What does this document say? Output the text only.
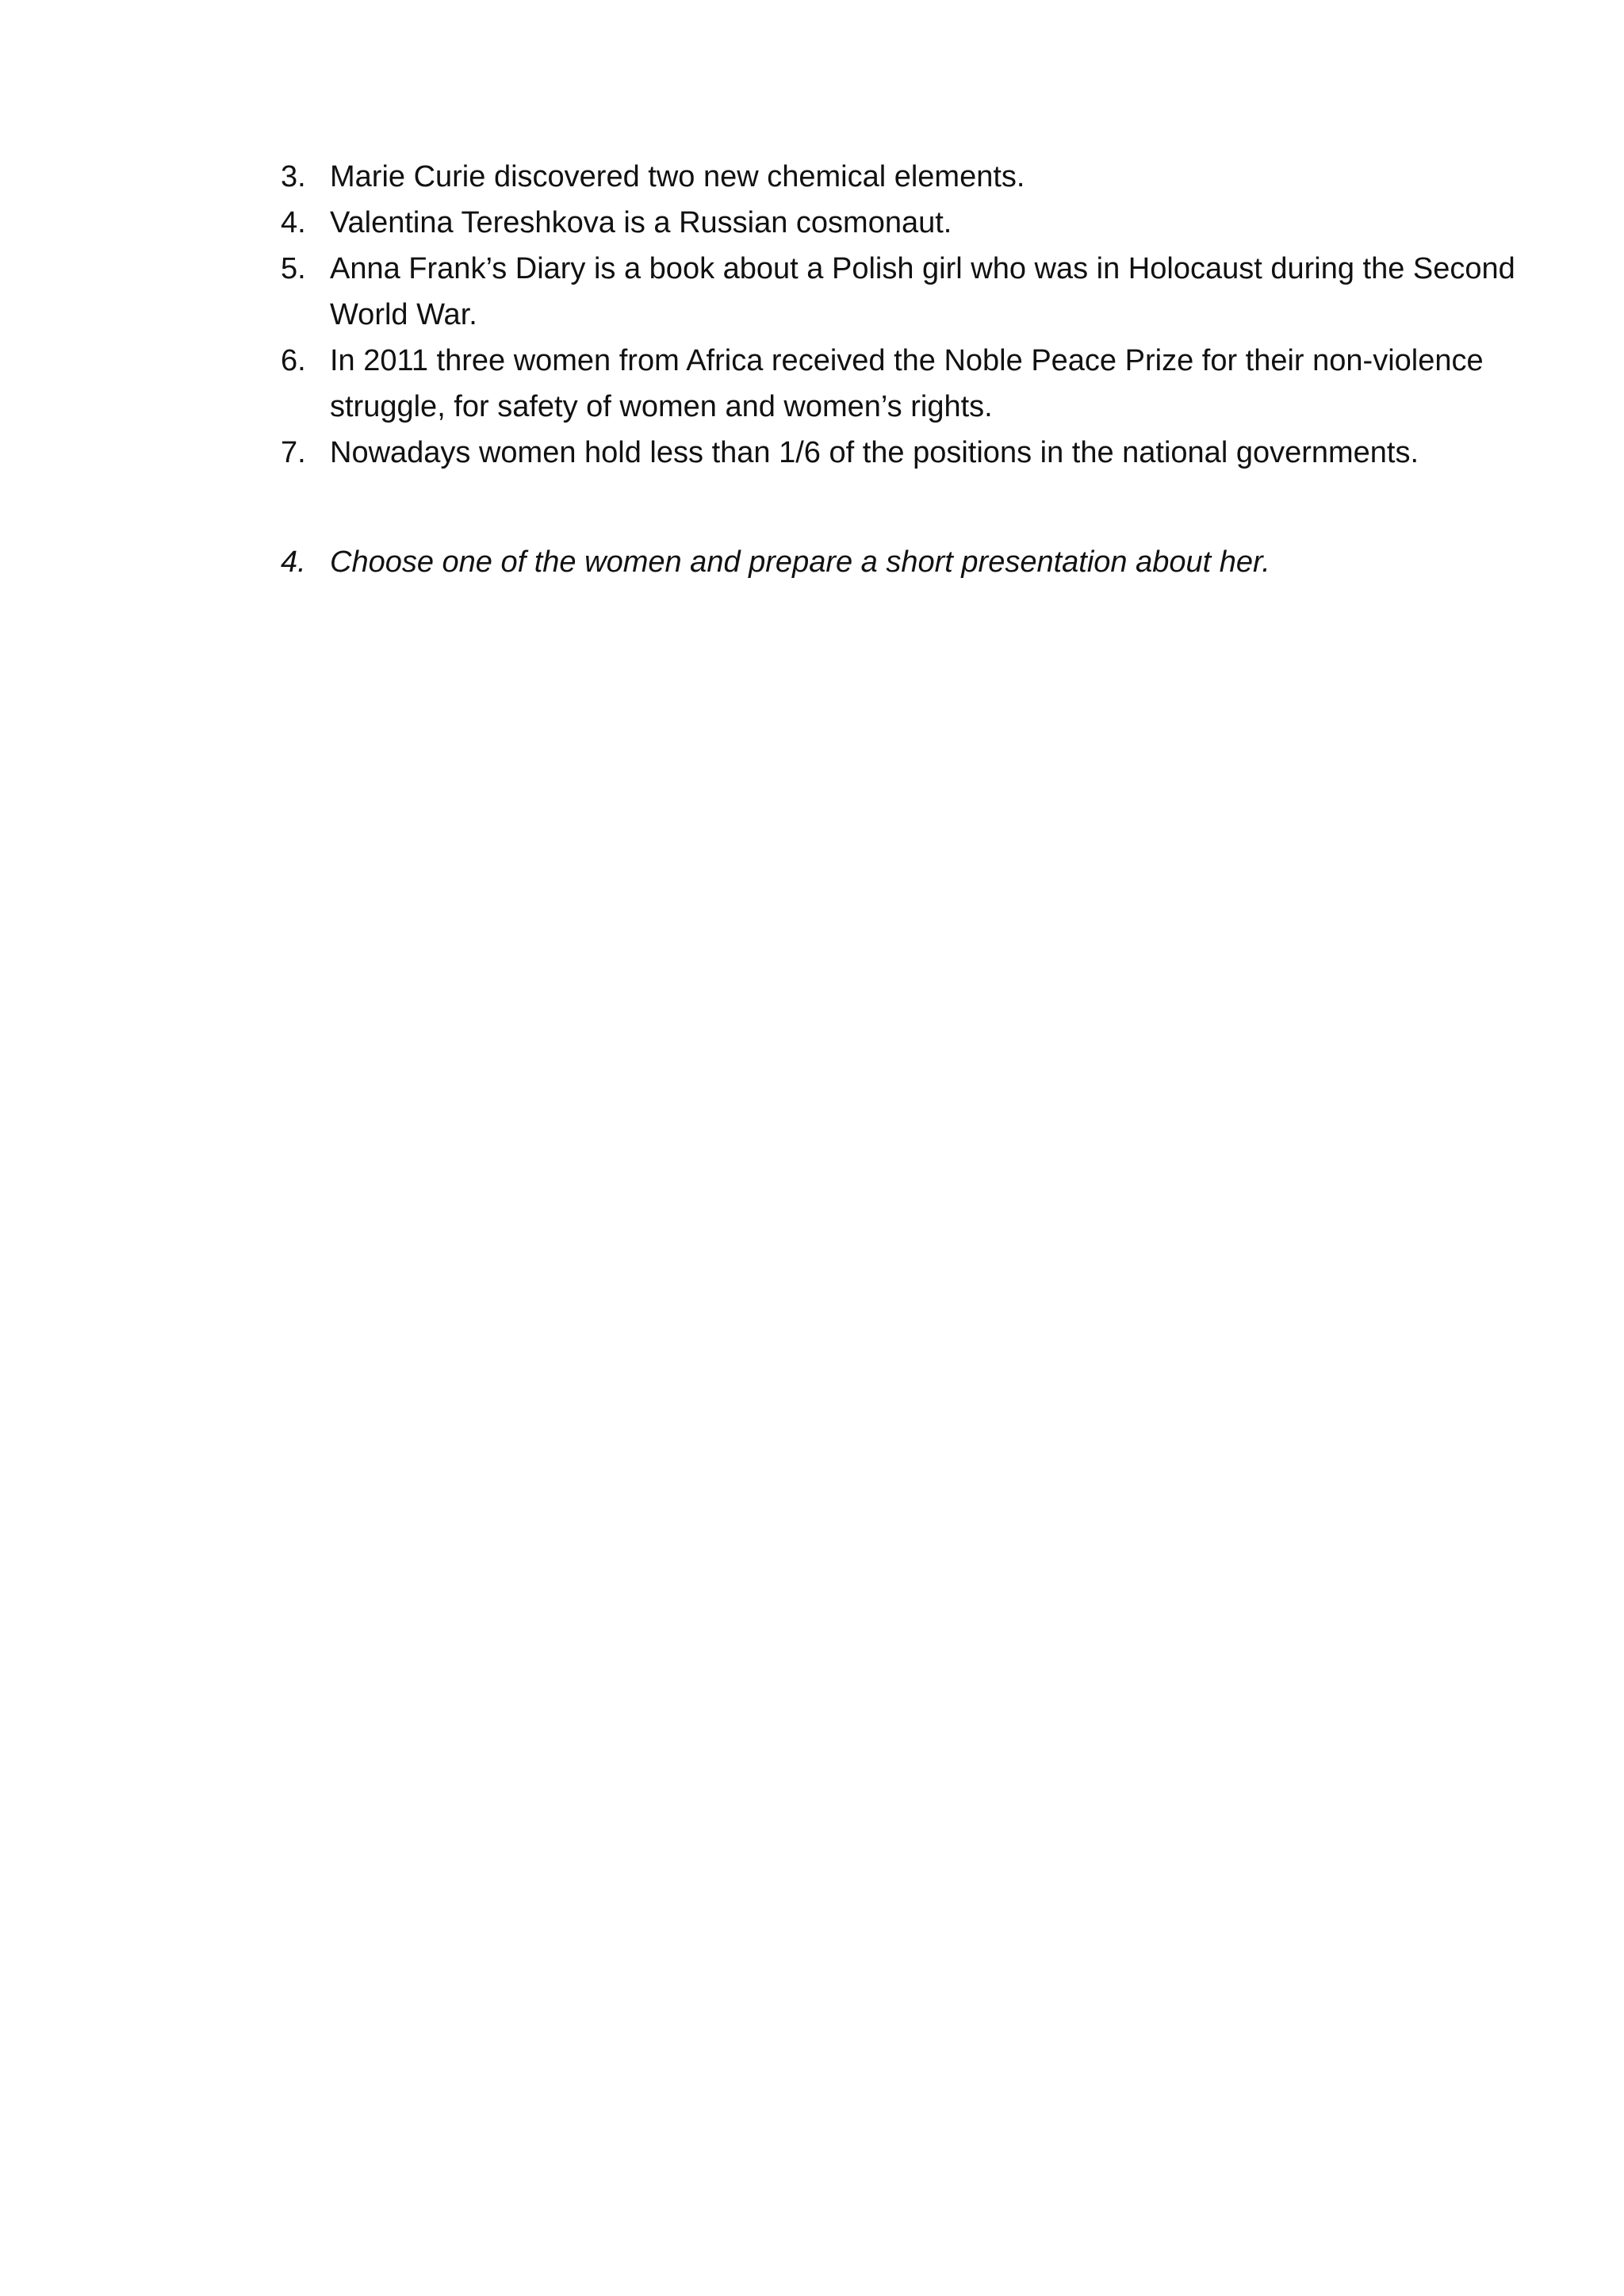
3. Marie Curie discovered two new chemical elements.
4. Valentina Tereshkova is a Russian cosmonaut.
5. Anna Frank’s Diary is a book about a Polish girl who was in Holocaust during the Second World War.
6. In 2011 three women from Africa received the Noble Peace Prize for their non-violence struggle, for safety of women and women’s rights.
7. Nowadays women hold less than 1/6 of the positions in the national governments.
4. Choose one of the women and prepare a short presentation about her.
